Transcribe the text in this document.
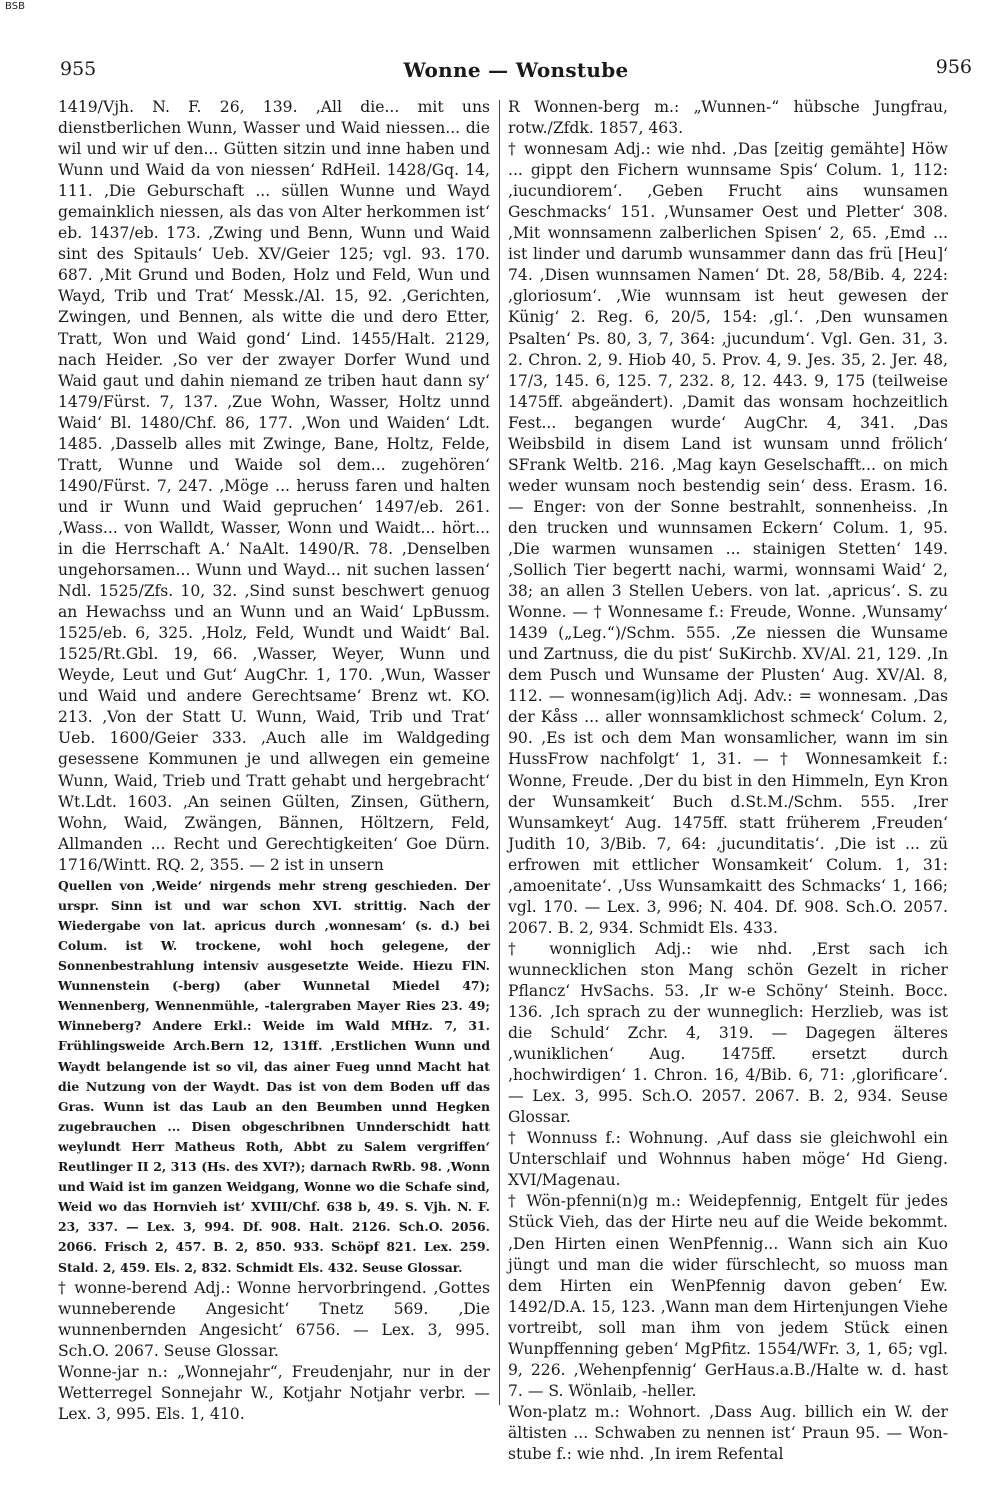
BSB
955	Wonne — Wonstube	956

1419/Vjh. N. F. 26, 139. ‚All die... mit uns dienstberlichen Wunn, Wasser und Waid niessen... die wil und wir uf den... Gütten sitzin und inne haben und Wunn und Waid da von niessen‘ RdHeil. 1428/Gq. 14, 111. ‚Die Geburschaft ... süllen Wunne und Wayd gemainklich niessen, als das von Alter herkommen ist‘ eb. 1437/eb. 173. ‚Zwing und Benn, Wunn und Waid sint des Spitauls‘ Ueb. XV/Geier 125; vgl. 93. 170. 687. ‚Mit Grund und Boden, Holz und Feld, Wun und Wayd, Trib und Trat‘ Messk./Al. 15, 92. ‚Gerichten, Zwingen, und Bennen, als witte die und dero Etter, Tratt, Won und Waid gond‘ Lind. 1455/Halt. 2129, nach Heider. ‚So ver der zwayer Dorfer Wund und Waid gaut und dahin niemand ze triben haut dann sy‘ 1479/Fürst. 7, 137. ‚Zue Wohn, Wasser, Holtz unnd Waid‘ Bl. 1480/Chf. 86, 177. ‚Won und Waiden‘ Ldt. 1485. ‚Dasselb alles mit Zwinge, Bane, Holtz, Felde, Tratt, Wunne und Waide sol dem... zugehören‘ 1490/Fürst. 7, 247. ‚Möge ... heruss faren und halten und ir Wunn und Waid gepruchen‘ 1497/eb. 261. ‚Wass... von Walldt, Wasser, Wonn und Waidt... hört... in die Herrschaft A.‘ NaAlt. 1490/R. 78. ‚Denselben ungehorsamen... Wunn und Wayd... nit suchen lassen‘ Ndl. 1525/Zfs. 10, 32. ‚Sind sunst beschwert genuog an Hewachss und an Wunn und an Waid‘ LpBussm. 1525/eb. 6, 325. ‚Holz, Feld, Wundt und Waidt‘ Bal. 1525/Rt.Gbl. 19, 66. ‚Wasser, Weyer, Wunn und Weyde, Leut und Gut‘ AugChr. 1, 170. ‚Wun, Wasser und Waid und andere Gerechtsame‘ Brenz wt. KO. 213. ‚Von der Statt U. Wunn, Waid, Trib und Trat‘ Ueb. 1600/Geier 333. ‚Auch alle im Waldgeding gesessene Kommunen je und allwegen ein gemeine Wunn, Waid, Trieb und Tratt gehabt und hergebracht‘ Wt.Ldt. 1603. ‚An seinen Gülten, Zinsen, Güthern, Wohn, Waid, Zwängen, Bännen, Höltzern, Feld, Allmanden ... Recht und Gerechtigkeiten‘ Goe Dürn. 1716/Wintt. RQ. 2, 355. — 2 ist in unsern

Quellen von ‚Weide‘ nirgends mehr streng geschieden. Der urspr. Sinn ist und war schon XVI. strittig. Nach der Wiedergabe von lat. apricus durch ‚wonnesam‘ (s. d.) bei Colum. ist W. trockene, wohl hoch gelegene, der Sonnenbestrahlung intensiv ausgesetzte Weide. Hiezu FlN. Wunnenstein (-berg) (aber Wunnetal Miedel 47); Wennenberg, Wennenmühle, -talergraben Mayer Ries 23. 49; Winneberg? Andere Erkl.: Weide im Wald MfHz. 7, 31. Frühlingsweide Arch.Bern 12, 131ff. ‚Erstlichen Wunn und Waydt belangende ist so vil, das ainer Fueg unnd Macht hat die Nutzung von der Waydt. Das ist von dem Boden uff das Gras. Wunn ist das Laub an den Beumben unnd Hegken zugebrauchen ... Disen obgeschribnen Unnderschidt hatt weylundt Herr Matheus Roth, Abbt zu Salem vergriffen‘ Reutlinger II 2, 313 (Hs. des XVI?); darnach RwRb. 98. ‚Wonn und Waid ist im ganzen Weidgang, Wonne wo die Schafe sind, Weid wo das Hornvieh ist‘ XVIII/Chf. 638 b, 49. S. Vjh. N. F. 23, 337. — Lex. 3, 994. Df. 908. Halt. 2126. Sch.O. 2056. 2066. Frisch 2, 457. B. 2, 850. 933. Schöpf 821. Lex. 259. Stald. 2, 459. Els. 2, 832. Schmidt Els. 432. Seuse Glossar.

† wonne-berend Adj.: Wonne hervorbringend. ‚Gottes wunneberende Angesicht‘ Tnetz 569. ‚Die wunnenbernden Angesicht‘ 6756. — Lex. 3, 995. Sch.O. 2067. Seuse Glossar.

Wonne-jar n.: „Wonnejahr“, Freudenjahr, nur in der Wetterregel Sonnejahr W., Kotjahr Notjahr verbr. — Lex. 3, 995. Els. 1, 410.

R Wonnen-berg m.: „Wunnen-“ hübsche Jungfrau, rotw./Zfdk. 1857, 463.

† wonnesam Adj.: wie nhd. ‚Das [zeitig gemähte] Höw ... gippt den Fichern wunnsame Spis‘ Colum. 1, 112: ‚iucundiorem‘. ‚Geben Frucht ains wunsamen Geschmacks‘ 151. ‚Wunsamer Oest und Pletter‘ 308. ‚Mit wonnsamenn zalberlichen Spisen‘ 2, 65. ‚Emd ... ist linder und darumb wunsammer dann das frü [Heu]‘ 74. ‚Disen wunnsamen Namen‘ Dt. 28, 58/Bib. 4, 224: ‚gloriosum‘. ‚Wie wunnsam ist heut gewesen der Künig‘ 2. Reg. 6, 20/5, 154: ‚gl.‘. ‚Den wunsamen Psalten‘ Ps. 80, 3, 7, 364: ‚jucundum‘. Vgl. Gen. 31, 3. 2. Chron. 2, 9. Hiob 40, 5. Prov. 4, 9. Jes. 35, 2. Jer. 48, 17/3, 145. 6, 125. 7, 232. 8, 12. 443. 9, 175 (teilweise 1475ff. abgeändert). ‚Damit das wonsam hochzeitlich Fest... begangen wurde‘ AugChr. 4, 341. ‚Das Weibsbild in disem Land ist wunsam unnd frölich‘ SFrank Weltb. 216. ‚Mag kayn Geselschafft... on mich weder wunsam noch bestendig sein‘ dess. Erasm. 16. — Enger: von der Sonne bestrahlt, sonnenheiss. ‚In den trucken und wunnsamen Eckern‘ Colum. 1, 95. ‚Die warmen wunsamen ... stainigen Stetten‘ 149. ‚Sollich Tier begertt nachi, warmi, wonnsami Waid‘ 2, 38; an allen 3 Stellen Uebers. von lat. ‚apricus‘. S. zu Wonne. — † Wonnesame f.: Freude, Wonne. ‚Wunsamy‘ 1439 („Leg.“)/Schm. 555. ‚Ze niessen die Wunsame und Zartnuss, die du pist‘ SuKirchb. XV/Al. 21, 129. ‚In dem Pusch und Wunsame der Plusten‘ Aug. XV/Al. 8, 112. — wonnesam(ig)lich Adj. Adv.: = wonnesam. ‚Das der Kåss ... aller wonnsamklichost schmeck‘ Colum. 2, 90. ‚Es ist och dem Man wonsamlicher, wann im sin HussFrow nachfolgt‘ 1, 31. — † Wonnesamkeit f.: Wonne, Freude. ‚Der du bist in den Himmeln, Eyn Kron der Wunsamkeit‘ Buch d.St.M./Schm. 555. ‚Irer Wunsamkeyt‘ Aug. 1475ff. statt früherem ‚Freuden‘ Judith 10, 3/Bib. 7, 64: ‚jucunditatis‘. ‚Die ist ... zü erfrowen mit ettlicher Wonsamkeit‘ Colum. 1, 31: ‚amoenitate‘. ‚Uss Wunsamkaitt des Schmacks‘ 1, 166; vgl. 170. — Lex. 3, 996; N. 404. Df. 908. Sch.O. 2057. 2067. B. 2, 934. Schmidt Els. 433.

† wonniglich Adj.: wie nhd. ‚Erst sach ich wunnecklichen ston Mang schön Gezelt in richer Pflancz‘ HvSachs. 53. ‚Ir w-e Schöny‘ Steinh. Bocc. 136. ‚Ich sprach zu der wunneglich: Herzlieb, was ist die Schuld‘ Zchr. 4, 319. — Dagegen älteres ‚wuniklichen‘ Aug. 1475ff. ersetzt durch ‚hochwirdigen‘ 1. Chron. 16, 4/Bib. 6, 71: ‚glorificare‘. — Lex. 3, 995. Sch.O. 2057. 2067. B. 2, 934. Seuse Glossar.

† Wonnuss f.: Wohnung. ‚Auf dass sie gleichwohl ein Unterschlaif und Wohnnus haben möge‘ Hd Gieng. XVI/Magenau.

† Wön-pfenni(n)g m.: Weidepfennig, Entgelt für jedes Stück Vieh, das der Hirte neu auf die Weide bekommt. ‚Den Hirten einen WenPfennig... Wann sich ain Kuo jüngt und man die wider fürschlecht, so muoss man dem Hirten ein WenPfennig davon geben‘ Ew. 1492/D.A. 15, 123. ‚Wann man dem Hirtenjungen Viehe vortreibt, soll man ihm von jedem Stück einen Wunpffenning geben‘ MgPfitz. 1554/WFr. 3, 1, 65; vgl. 9, 226. ‚Wehenpfennig‘ GerHaus.a.B./Halte w. d. hast 7. — S. Wönlaib, -heller.

Won-platz m.: Wohnort. ‚Dass Aug. billich ein W. der ältisten ... Schwaben zu nennen ist‘ Praun 95. — Won-stube f.: wie nhd. ‚In irem Refental
